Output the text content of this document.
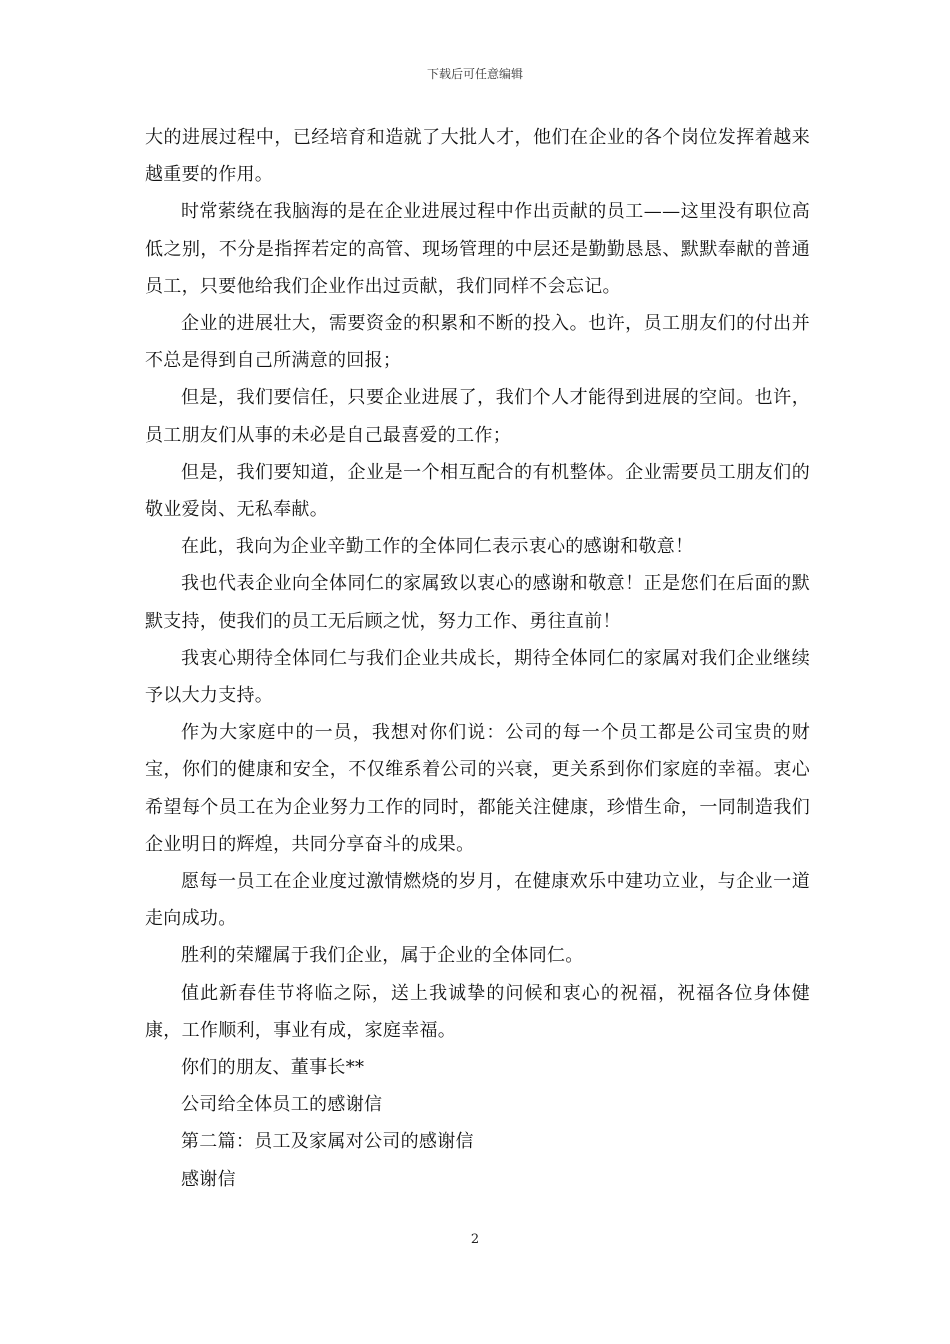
下载后可任意编辑

大的进展过程中，已经培育和造就了大批人才，他们在企业的各个岗位发挥着越来越重要的作用。

时常萦绕在我脑海的是在企业进展过程中作出贡献的员工——这里没有职位高低之别，不分是指挥若定的高管、现场管理的中层还是勤勤恳恳、默默奉献的普通员工，只要他给我们企业作出过贡献，我们同样不会忘记。

企业的进展壮大，需要资金的积累和不断的投入。也许，员工朋友们的付出并不总是得到自己所满意的回报；

但是，我们要信任，只要企业进展了，我们个人才能得到进展的空间。也许，员工朋友们从事的未必是自己最喜爱的工作；

但是，我们要知道，企业是一个相互配合的有机整体。企业需要员工朋友们的敬业爱岗、无私奉献。

在此，我向为企业辛勤工作的全体同仁表示衷心的感谢和敬意！

我也代表企业向全体同仁的家属致以衷心的感谢和敬意！正是您们在后面的默默支持，使我们的员工无后顾之忧，努力工作、勇往直前！

我衷心期待全体同仁与我们企业共成长，期待全体同仁的家属对我们企业继续予以大力支持。

作为大家庭中的一员，我想对你们说：公司的每一个员工都是公司宝贵的财宝，你们的健康和安全，不仅维系着公司的兴衰，更关系到你们家庭的幸福。衷心希望每个员工在为企业努力工作的同时，都能关注健康，珍惜生命，一同制造我们企业明日的辉煌，共同分享奋斗的成果。

愿每一员工在企业度过激情燃烧的岁月，在健康欢乐中建功立业，与企业一道走向成功。

胜利的荣耀属于我们企业，属于企业的全体同仁。

值此新春佳节将临之际，送上我诚挚的问候和衷心的祝福，祝福各位身体健康，工作顺利，事业有成，家庭幸福。

你们的朋友、董事长**

公司给全体员工的感谢信

第二篇：员工及家属对公司的感谢信

感谢信

2
